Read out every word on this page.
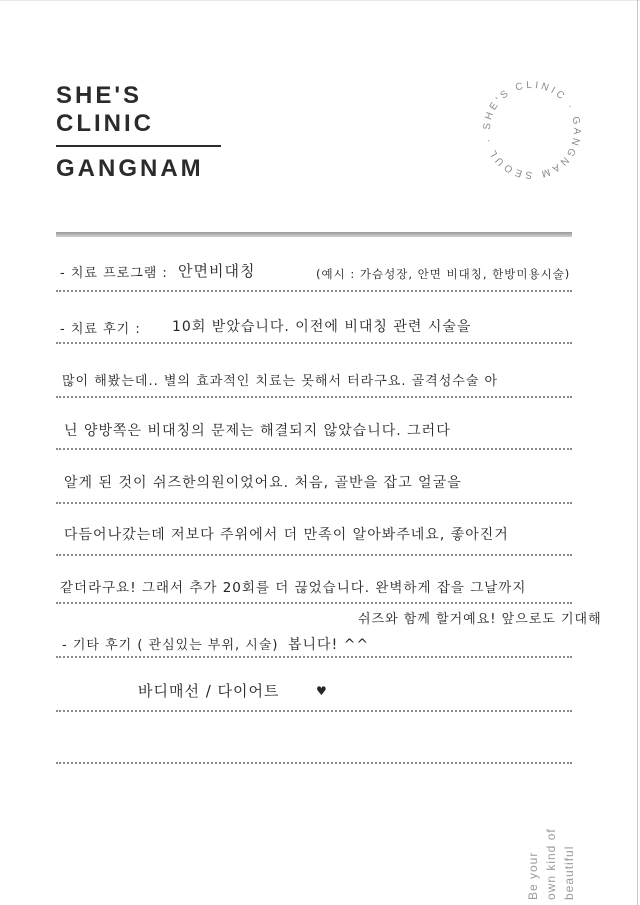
SHE'S
CLINIC
GANGNAM
SHE'S CLINIC · GANGNAM SEOUL ·
- 치료 프로그램 : 안면비대칭	(예시 : 가슴성장, 안면 비대칭, 한방미용시술)
- 치료 후기 : 10회 받았습니다. 이전에 비대칭 관련 시술을
많이 해봤는데.. 별의 효과적인 치료는 못해서 터라구요. 골격성수술 아
닌 양방쪽은 비대칭의 문제는 해결되지 않았습니다. 그러다
알게 된 것이 쉬즈한의원이었어요. 처음, 골반을 잡고 얼굴을
다듬어나갔는데 저보다 주위에서 더 만족이 알아봐주네요, 좋아진거
같더라구요! 그래서 추가 20회를 더 끊었습니다. 완벽하게 잡을 그날까지
쉬즈와 함께 할거예요! 앞으로도 기대해
- 기타 후기 ( 관심있는 부위, 시술) 봅니다! ^^
바디매선 / 다이어트	♥
Be your own kind of beautiful
